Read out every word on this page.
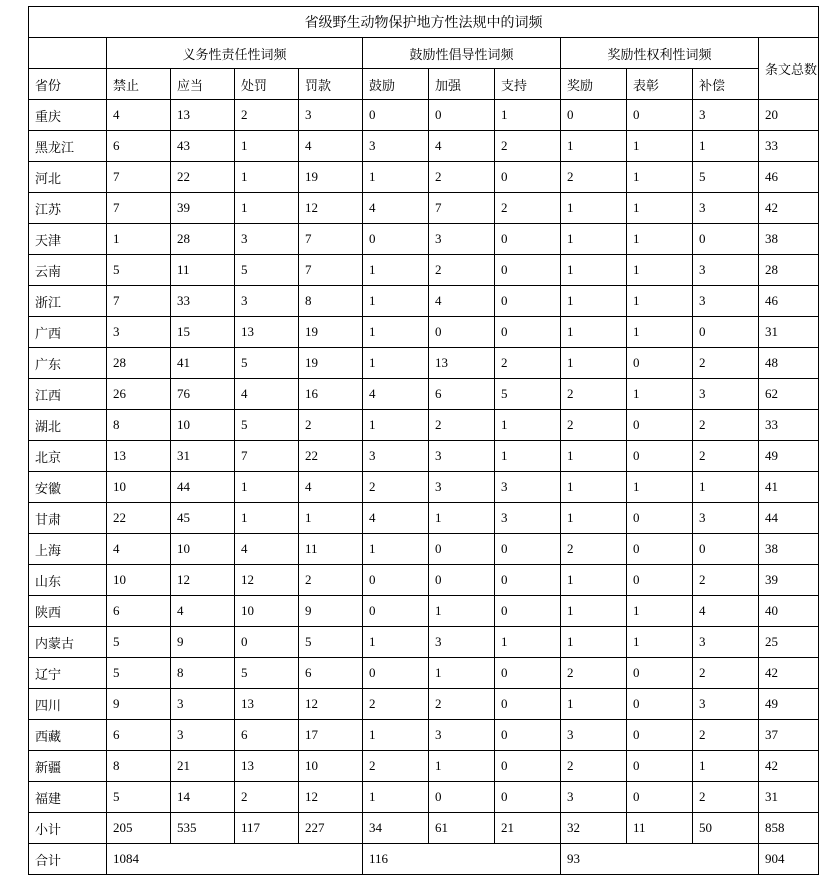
省级野生动物保护地方性法规中的词频											
	义务性责任性词频				鼓励性倡导性词频			奖励性权利性词频			条文总数
省份	禁止	应当	处罚	罚款	鼓励	加强	支持	奖励	表彰	补偿	
重庆	4	13	2	3	0	0	1	0	0	3	20
黑龙江	6	43	1	4	3	4	2	1	1	1	33
河北	7	22	1	19	1	2	0	2	1	5	46
江苏	7	39	1	12	4	7	2	1	1	3	42
天津	1	28	3	7	0	3	0	1	1	0	38
云南	5	11	5	7	1	2	0	1	1	3	28
浙江	7	33	3	8	1	4	0	1	1	3	46
广西	3	15	13	19	1	0	0	1	1	0	31
广东	28	41	5	19	1	13	2	1	0	2	48
江西	26	76	4	16	4	6	5	2	1	3	62
湖北	8	10	5	2	1	2	1	2	0	2	33
北京	13	31	7	22	3	3	1	1	0	2	49
安徽	10	44	1	4	2	3	3	1	1	1	41
甘肃	22	45	1	1	4	1	3	1	0	3	44
上海	4	10	4	11	1	0	0	2	0	0	38
山东	10	12	12	2	0	0	0	1	0	2	39
陕西	6	4	10	9	0	1	0	1	1	4	40
内蒙古	5	9	0	5	1	3	1	1	1	3	25
辽宁	5	8	5	6	0	1	0	2	0	2	42
四川	9	3	13	12	2	2	0	1	0	3	49
西藏	6	3	6	17	1	3	0	3	0	2	37
新疆	8	21	13	10	2	1	0	2	0	1	42
福建	5	14	2	12	1	0	0	3	0	2	31
小计	205	535	117	227	34	61	21	32	11	50	858
合计	1084				116			93			904
